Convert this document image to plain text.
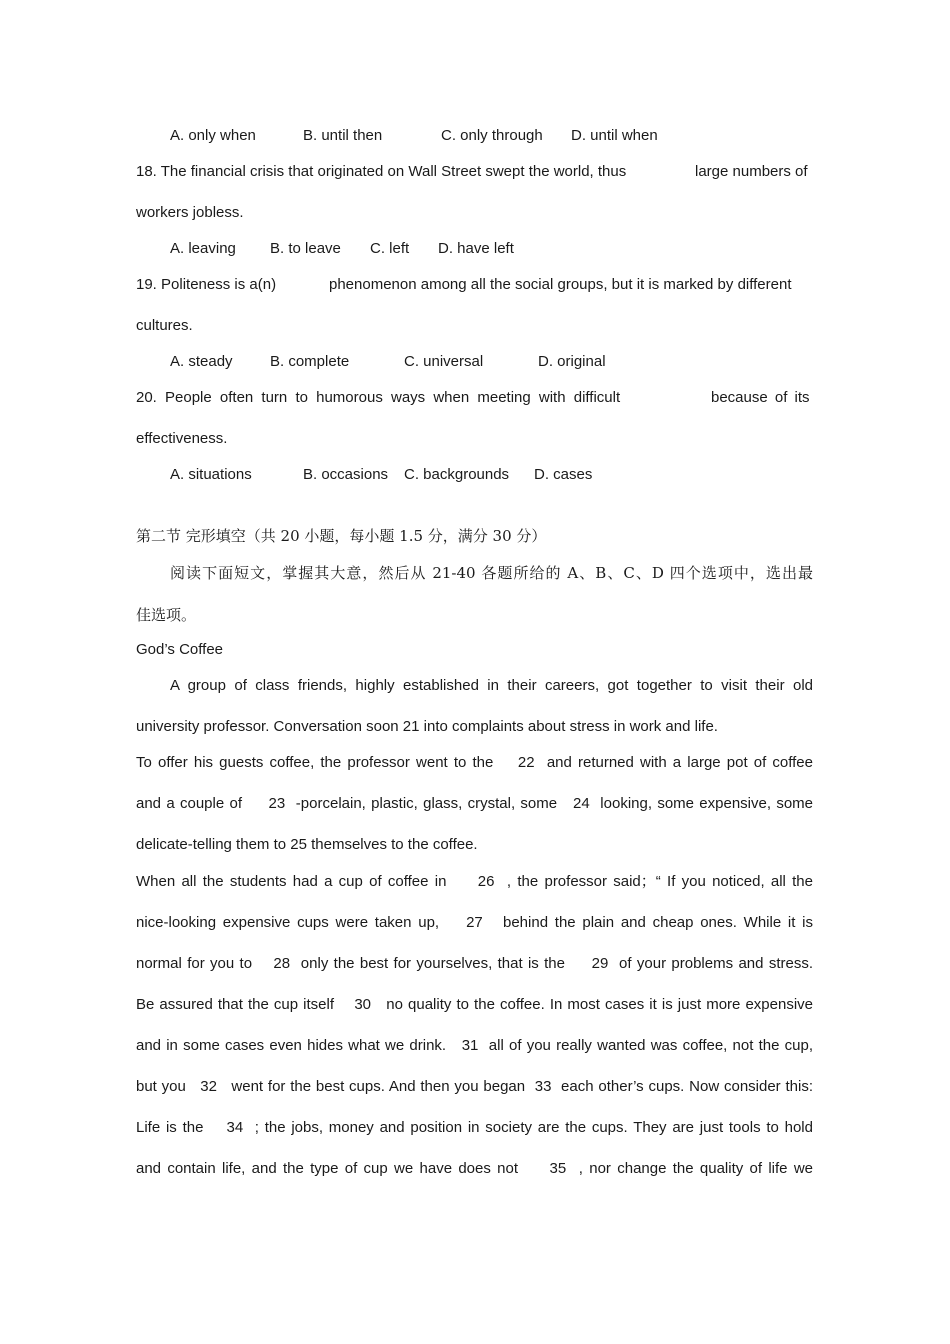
A. only when	B. until then	C. only through D. until when
18. The financial crisis that originated on Wall Street swept the world, thus	large numbers of
workers jobless.
A. leaving B. to leave C. left D. have left
19. Politeness is a(n)	phenomenon among all the social groups, but it is marked by different
cultures.
A. steady B. complete	C. universal	D. original
20. People often turn to humorous ways when meeting with difficult	because of its
effectiveness.
A. situations	B. occasions C. backgrounds D. cases
第二节 完形填空（共 20 小题，每小题 1.5 分，满分 30 分）
阅读下面短文，掌握其大意，然后从 21-40 各题所给的 A、B、C、D 四个选项中，选出最
佳选项。
God’s Coffee
A group of class friends, highly established in their careers, got together to visit their old
university professor. Conversation soon 21 into complaints about stress in work and life.
To offer his guests coffee, the professor went to the    22  and returned with a large pot of coffee
and a couple of     23  -porcelain, plastic, glass, crystal, some   24  looking, some expensive, some
delicate-telling them to 25 themselves to the coffee.
When all the students had a cup of coffee in     26  , the professor said；“ If you noticed, all the
nice-looking expensive cups were taken up,    27   behind the plain and cheap ones. While it is
normal for you to    28  only the best for yourselves, that is the     29  of your problems and stress.
Be assured that the cup itself    30   no quality to the coffee. In most cases it is just more expensive
and in some cases even hides what we drink.   31  all of you really wanted was coffee, not the cup,
but you   32   went for the best cups. And then you began  33  each other’s cups. Now consider this:
Life is the    34  ; the jobs, money and position in society are the cups. They are just tools to hold
and contain life, and the type of cup we have does not     35  , nor change the quality of life we
